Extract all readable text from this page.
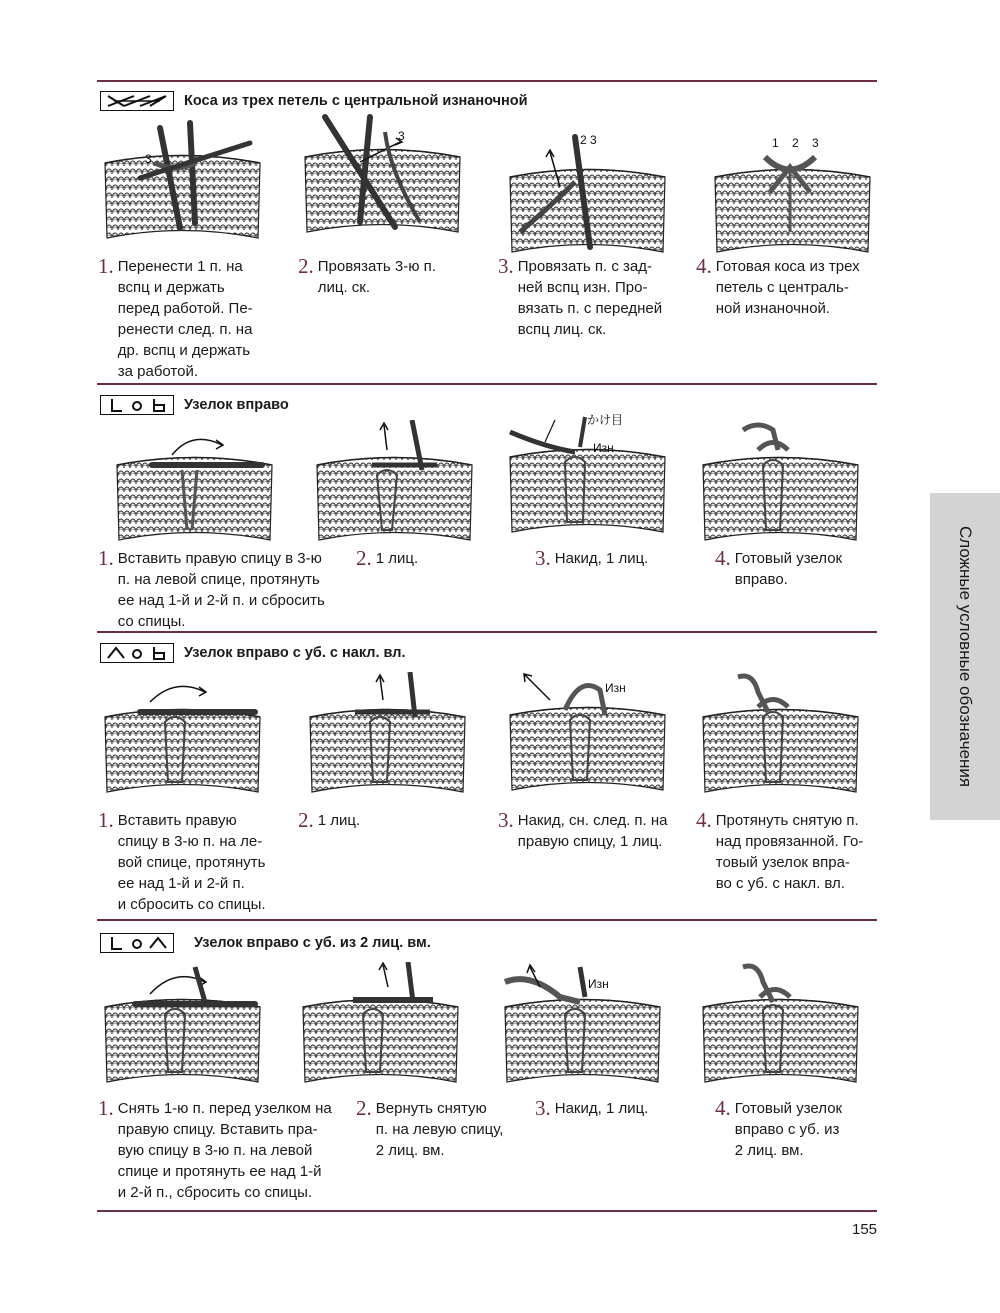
Коса из трех петель с центральной изнаночной
3
3	2 3	1 2 3
1. Перенести 1 п. на
вспц и держать
перед работой. Пе-
ренести след. п. на
др. вспц и держать
за работой.
2. Провязать 3-ю п.
лиц. ск.
3. Провязать п. с зад-
ней вспц изн. Про-
вязать п. с передней
вспц лиц. ск.
4. Готовая коса из трех
петель с централь-
ной изнаночной.
Узелок вправо
かけ目
Изн
1. Вставить правую спицу в 3-ю
п. на левой спице, протянуть
ее над 1-й и 2-й п. и сбросить
со спицы.
2. 1 лиц.	3. Накид, 1 лиц.	4. Готовый узелок
вправо.
Узелок вправо с уб. с накл. вл.
Изн
1. Вставить правую
спицу в 3-ю п. на ле-
вой спице, протянуть
ее над 1-й и 2-й п.
и сбросить со спицы.
2. 1 лиц.	3. Накид, сн. след. п. на
правую спицу, 1 лиц.
4. Протянуть снятую п.
над провязанной. Го-
товый узелок впра-
во с уб. с накл. вл.
Узелок вправо с уб. из 2 лиц. вм.
Изн
1. Снять 1-ю п. перед узелком на
правую спицу. Вставить пра-
вую спицу в 3-ю п. на левой
спице и протянуть ее над 1-й
и 2-й п., сбросить со спицы.
2. Вернуть снятую
п. на левую спицу,
2 лиц. вм.
3. Накид, 1 лиц.	4. Готовый узелок
вправо с уб. из
2 лиц. вм.
Сложные условные обозначения
155
